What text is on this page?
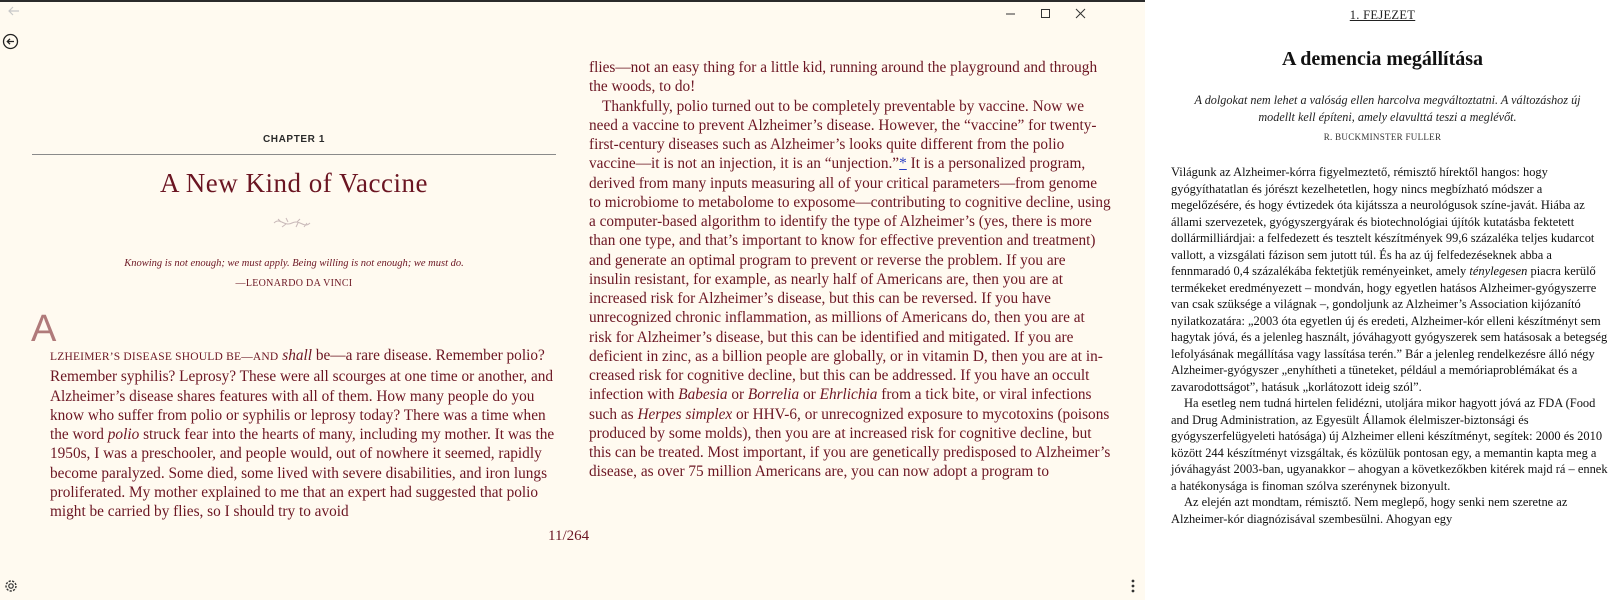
CHAPTER 1
A New Kind of Vaccine
Knowing is not enough; we must apply. Being willing is not enough; we must do.
—LEONARDO DA VINCI
A

LZHEIMER’S DISEASE SHOULD BE—AND shall be—a rare disease. Remember polio? Remember syphilis? Leprosy? These were all scourges at one time or another, and Alzheimer’s disease shares features with all of them. How many people do you know who suffer from polio or syphilis or leprosy today? There was a time when the word polio struck fear into the hearts of many, including my mother. It was the 1950s, I was a preschooler, and people would, out of nowhere it seemed, rapidly become paralyzed. Some died, some lived with severe disabilities, and iron lungs proliferated. My mother explained to me that an expert had suggested that polio might be carried by flies, so I should try to avoid

flies—not an easy thing for a little kid, running around the playground and through the woods, to do!

Thankfully, polio turned out to be completely preventable by vaccine. Now we need a vaccine to prevent Alzheimer’s disease. However, the “vaccine” for twenty-first-century diseases such as Alzheimer’s looks quite different from the polio vaccine—it is not an injection, it is an “unjection.”* It is a personalized program, derived from many inputs measuring all of your critical parameters—from genome to microbiome to metabolome to exposome—contributing to cognitive decline, using a computer-based algorithm to identify the type of Alzheimer’s (yes, there is more than one type, and that’s important to know for effective prevention and treatment) and generate an optimal program to prevent or reverse the problem. If you are insulin resistant, for example, as nearly half of Americans are, then you are at increased risk for Alzheimer’s disease, but this can be reversed. If you have unrecognized chronic inflammation, as millions of Americans do, then you are at risk for Alzheimer’s disease, but this can be identified and mitigated. If you are deficient in zinc, as a billion people are globally, or in vitamin D, then you are at increased risk for cognitive decline, but this can be addressed. If you have an occult infection with Babesia or Borrelia or Ehrlichia from a tick bite, or viral infections such as Herpes simplex or HHV-6, or unrecognized exposure to mycotoxins (poisons produced by some molds), then you are at increased risk for cognitive decline, but this can be treated. Most important, if you are genetically predisposed to Alzheimer’s disease, as over 75 million Americans are, you can now adopt a program to

11/264
1. FEJEZET
A demencia megállítása
A dolgokat nem lehet a valóság ellen harcolva megváltoztatni. A változáshoz új modellt kell építeni, amely elavulttá teszi a meglévőt.
R. BUCKMINSTER FULLER

Világunk az Alzheimer-kórra figyelmeztető, rémisztő hírektől hangos: hogy gyógyíthatatlan és jórészt kezelhetetlen, hogy nincs megbízható módszer a megelőzésére, és hogy évtizedek óta kijátssza a neurológusok színe-javát. Hiába az állami szervezetek, gyógyszergyárak és biotechnológiai újítók kutatásba fektetett dollármilliárdjai: a felfedezett és tesztelt készítmények 99,6 százaléka teljes kudarcot vallott, a vizsgálati fázison sem jutott túl. És ha az új felfedezéseknek abba a fennmaradó 0,4 százalékába fektetjük reményeinket, amely ténylegesen piacra kerülő termékeket eredményezett – mondván, hogy egyetlen hatásos Alzheimer-gyógyszerre van csak szüksége a világnak –, gondoljunk az Alzheimer’s Association kijózanító nyilatkozatára: „2003 óta egyetlen új és eredeti, Alzheimer-kór elleni készítményt sem hagytak jóvá, és a jelenleg használt, jóváhagyott gyógyszerek sem hatásosak a betegség lefolyásának megállítása vagy lassítása terén.” Bár a jelenleg rendelkezésre álló négy Alzheimer-gyógyszer „enyhítheti a tüneteket, például a memóriaproblémákat és a zavarodottságot”, hatásuk „korlátozott ideig szól”.

Ha esetleg nem tudná hirtelen felidézni, utoljára mikor hagyott jóvá az FDA (Food and Drug Administration, az Egyesült Államok élelmiszer-biztonsági és gyógyszerfelügyeleti hatósága) új Alzheimer elleni készítményt, segítek: 2000 és 2010 között 244 készítményt vizsgáltak, és közülük pontosan egy, a memantin kapta meg a jóváhagyást 2003-ban, ugyanakkor – ahogyan a következőkben kitérek majd rá – ennek a hatékonysága is finoman szólva szerénynek bizonyult.

Az elején azt mondtam, rémisztő. Nem meglepő, hogy senki nem szeretne az Alzheimer-kór diagnózisával szembesülni. Ahogyan egy
